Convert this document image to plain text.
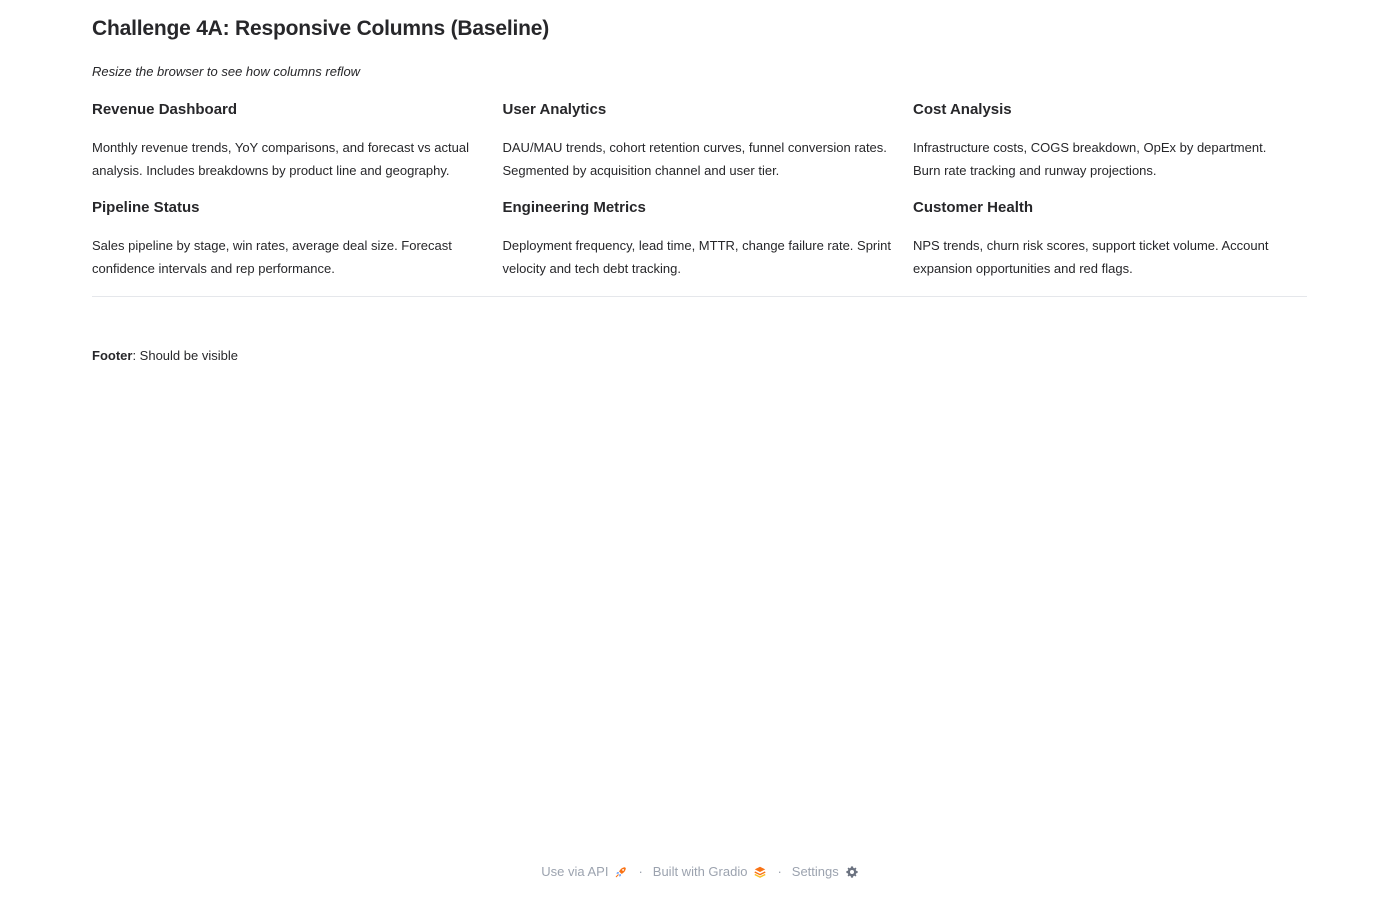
Challenge 4A: Responsive Columns (Baseline)
Resize the browser to see how columns reflow
Revenue Dashboard

Monthly revenue trends, YoY comparisons, and forecast vs actual analysis. Includes breakdowns by product line and geography.

User Analytics

DAU/MAU trends, cohort retention curves, funnel conversion rates. Segmented by acquisition channel and user tier.

Cost Analysis

Infrastructure costs, COGS breakdown, OpEx by department. Burn rate tracking and runway projections.

Pipeline Status

Sales pipeline by stage, win rates, average deal size. Forecast confidence intervals and rep performance.

Engineering Metrics

Deployment frequency, lead time, MTTR, change failure rate. Sprint velocity and tech debt tracking.

Customer Health

NPS trends, churn risk scores, support ticket volume. Account expansion opportunities and red flags.

Footer: Should be visible
Use via API · Built with Gradio · Settings
